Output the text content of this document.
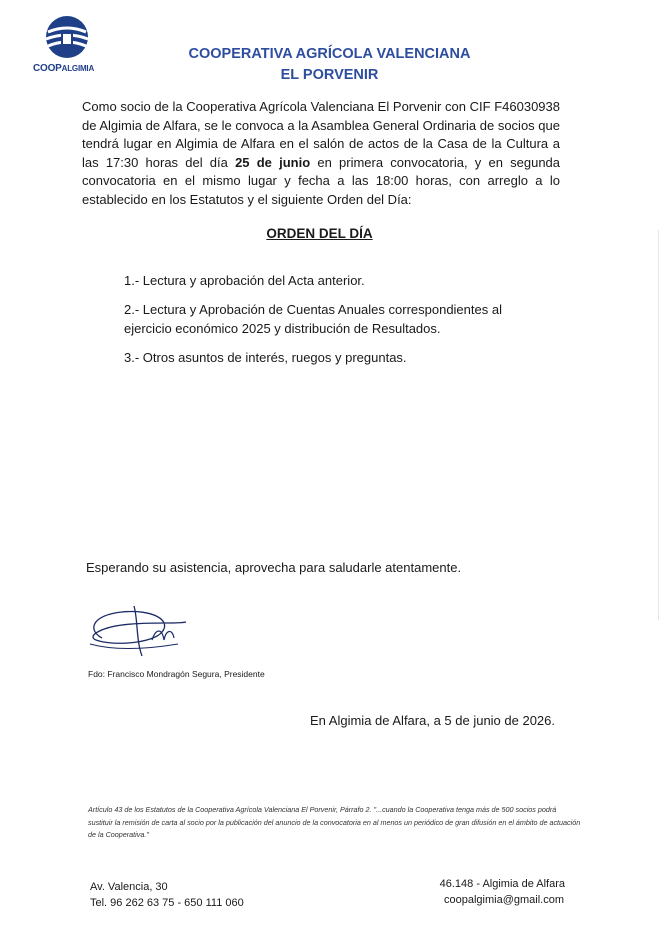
COOPALGIMIA
COOPERATIVA AGRÍCOLA VALENCIANA
EL PORVENIR
Como socio de la Cooperativa Agrícola Valenciana El Porvenir con CIF F46030938 de Algimia de Alfara, se le convoca a la Asamblea General Ordinaria de socios que tendrá lugar en Algimia de Alfara en el salón de actos de la Casa de la Cultura a las 17:30 horas del día 25 de junio en primera convocatoria, y en segunda convocatoria en el mismo lugar y fecha a las 18:00 horas, con arreglo a lo establecido en los Estatutos y el siguiente Orden del Día:
ORDEN DEL DÍA
1.- Lectura y aprobación del Acta anterior.
2.- Lectura y Aprobación de Cuentas Anuales correspondientes al ejercicio económico 2025 y distribución de Resultados.
3.- Otros asuntos de interés, ruegos y preguntas.
Esperando su asistencia, aprovecha para saludarle atentamente.
Fdo: Francisco Mondragón Segura, Presidente
En Algimia de Alfara, a 5 de junio de 2026.
Artículo 43 de los Estatutos de la Cooperativa Agrícola Valenciana El Porvenir, Párrafo 2. "...cuando la Cooperativa tenga más de 500 socios podrá sustituir la remisión de carta al socio por la publicación del anuncio de la convocatoria en al menos un periódico de gran difusión en el ámbito de actuación de la Cooperativa."
Av. Valencia, 30
Tel. 96 262 63 75 - 650 111 060
46.148 - Algimia de Alfara
coopalgimia@gmail.com
